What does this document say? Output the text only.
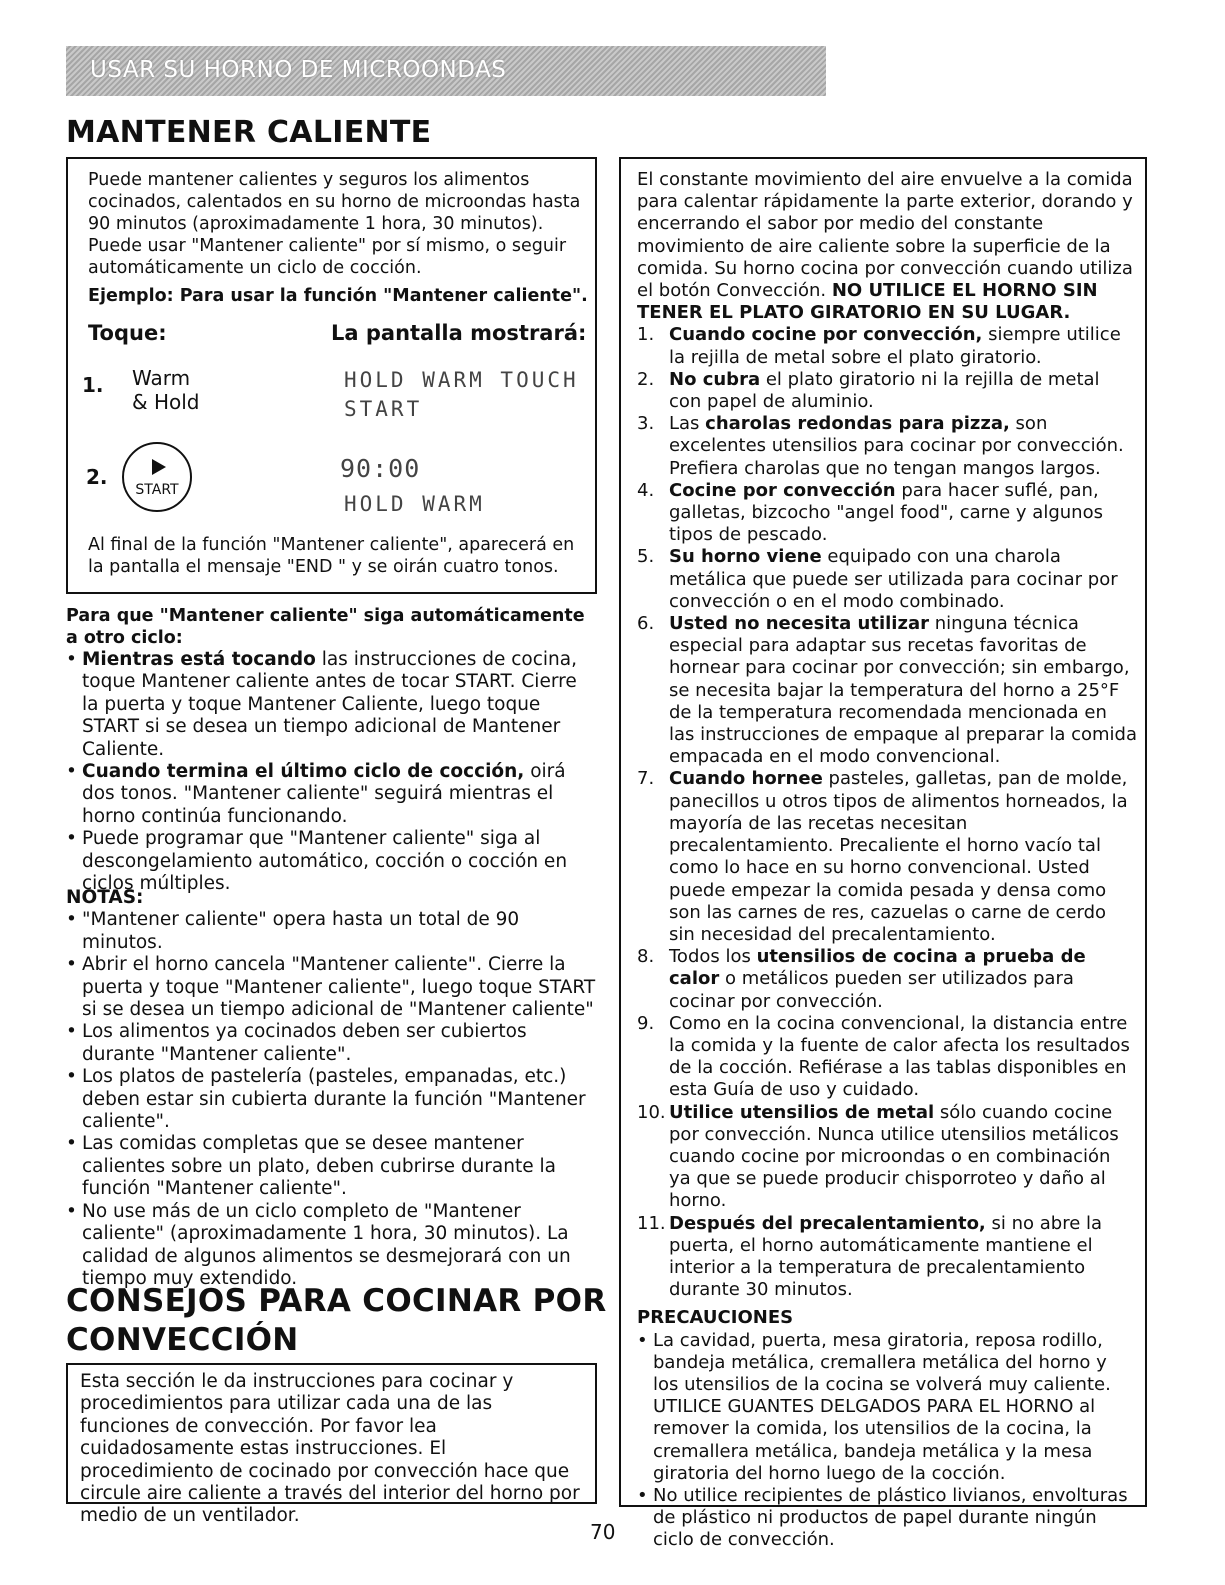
USAR SU HORNO DE MICROONDAS
MANTENER CALIENTE

Puede mantener calientes y seguros los alimentos cocinados, calentados en su horno de microondas hasta 90 minutos (aproximadamente 1 hora, 30 minutos). Puede usar "Mantener caliente" por sí mismo, o seguir automáticamente un ciclo de cocción.

Ejemplo: Para usar la función "Mantener caliente".

Toque:	La pantalla mostrará:

1. Warm
& Hold
HOLD WARM TOUCH
START
2.
START
90:00
HOLD WARM

Al final de la función "Mantener caliente", aparecerá en la pantalla el mensaje "END " y se oirán cuatro tonos.

Para que "Mantener caliente" siga automáticamente a otro ciclo:

• Mientras está tocando las instrucciones de cocina, toque Mantener caliente antes de tocar START. Cierre la puerta y toque Mantener Caliente, luego toque START si se desea un tiempo adicional de Mantener Caliente.
• Cuando termina el último ciclo de cocción, oirá dos tonos. "Mantener caliente" seguirá mientras el horno continúa funcionando.
• Puede programar que "Mantener caliente" siga al descongelamiento automático, cocción o cocción en ciclos múltiples.

NOTAS:

• "Mantener caliente" opera hasta un total de 90 minutos.
• Abrir el horno cancela "Mantener caliente". Cierre la puerta y toque "Mantener caliente", luego toque START si se desea un tiempo adicional de "Mantener caliente"
• Los alimentos ya cocinados deben ser cubiertos durante "Mantener caliente".
• Los platos de pastelería (pasteles, empanadas, etc.) deben estar sin cubierta durante la función "Mantener caliente".
• Las comidas completas que se desee mantener calientes sobre un plato, deben cubrirse durante la función "Mantener caliente".
• No use más de un ciclo completo de "Mantener caliente" (aproximadamente 1 hora, 30 minutos). La calidad de algunos alimentos se desmejorará con un tiempo muy extendido.
CONSEJOS PARA COCINAR POR
CONVECCIÓN

Esta sección le da instrucciones para cocinar y procedimientos para utilizar cada una de las funciones de convección. Por favor lea cuidadosamente estas instrucciones. El procedimiento de cocinado por convección hace que circule aire caliente a través del interior del horno por medio de un ventilador.

El constante movimiento del aire envuelve a la comida para calentar rápidamente la parte exterior, dorando y encerrando el sabor por medio del constante movimiento de aire caliente sobre la superficie de la comida. Su horno cocina por convección cuando utiliza el botón Convección. NO UTILICE EL HORNO SIN TENER EL PLATO GIRATORIO EN SU LUGAR.

1. Cuando cocine por convección, siempre utilice la rejilla de metal sobre el plato giratorio.
2. No cubra el plato giratorio ni la rejilla de metal con papel de aluminio.
3. Las charolas redondas para pizza, son excelentes utensilios para cocinar por convección. Prefiera charolas que no tengan mangos largos.
4. Cocine por convección para hacer suflé, pan, galletas, bizcocho "angel food", carne y algunos tipos de pescado.
5. Su horno viene equipado con una charola metálica que puede ser utilizada para cocinar por convección o en el modo combinado.
6. Usted no necesita utilizar ninguna técnica especial para adaptar sus recetas favoritas de hornear para cocinar por convección; sin embargo, se necesita bajar la temperatura del horno a 25°F de la temperatura recomendada mencionada en las instrucciones de empaque al preparar la comida empacada en el modo convencional.
7. Cuando hornee pasteles, galletas, pan de molde, panecillos u otros tipos de alimentos horneados, la mayoría de las recetas necesitan precalentamiento. Precaliente el horno vacío tal como lo hace en su horno convencional. Usted puede empezar la comida pesada y densa como son las carnes de res, cazuelas o carne de cerdo sin necesidad del precalentamiento.
8. Todos los utensilios de cocina a prueba de calor o metálicos pueden ser utilizados para cocinar por convección.
9. Como en la cocina convencional, la distancia entre la comida y la fuente de calor afecta los resultados de la cocción. Refiérase a las tablas disponibles en esta Guía de uso y cuidado.
10. Utilice utensilios de metal sólo cuando cocine por convección. Nunca utilice utensilios metálicos cuando cocine por microondas o en combinación ya que se puede producir chisporroteo y daño al horno.
11. Después del precalentamiento, si no abre la puerta, el horno automáticamente mantiene el interior a la temperatura de precalentamiento durante 30 minutos.

PRECAUCIONES

• La cavidad, puerta, mesa giratoria, reposa rodillo, bandeja metálica, cremallera metálica del horno y los utensilios de la cocina se volverá muy caliente. UTILICE GUANTES DELGADOS PARA EL HORNO al remover la comida, los utensilios de la cocina, la cremallera metálica, bandeja metálica y la mesa giratoria del horno luego de la cocción.
• No utilice recipientes de plástico livianos, envolturas de plástico ni productos de papel durante ningún ciclo de convección.
70
